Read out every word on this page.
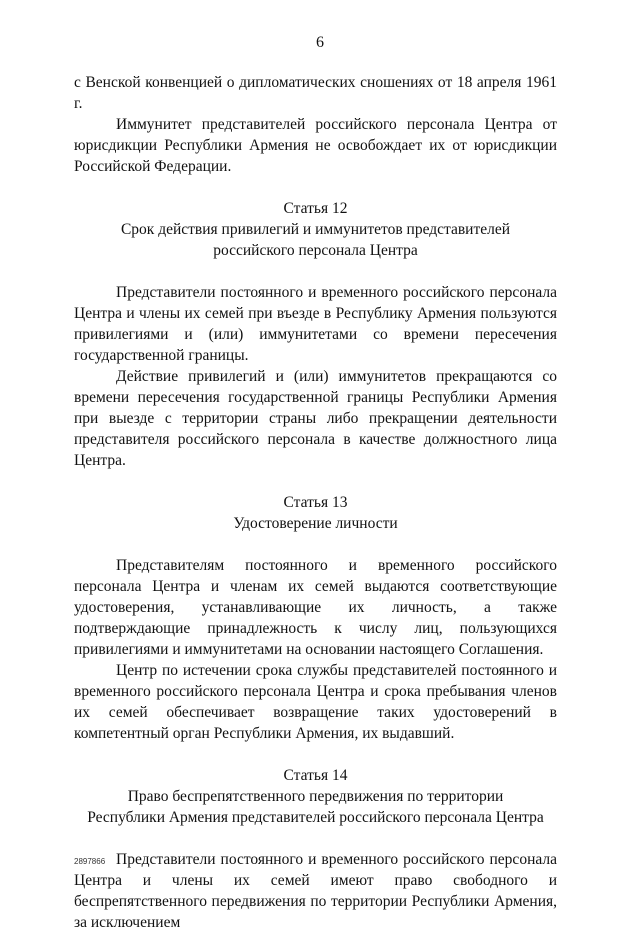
6

с Венской конвенцией о дипломатических сношениях от 18 апреля 1961 г.

Иммунитет представителей российского персонала Центра от юрисдикции Республики Армения не освобождает их от юрисдикции Российской Федерации.

Статья 12

Срок действия привилегий и иммунитетов представителей

российского персонала Центра

Представители постоянного и временного российского персонала Центра и члены их семей при въезде в Республику Армения пользуются привилегиями и (или) иммунитетами со времени пересечения государственной границы.

Действие привилегий и (или) иммунитетов прекращаются со времени пересечения государственной границы Республики Армения при выезде с территории страны либо прекращении деятельности представителя российского персонала в качестве должностного лица Центра.

Статья 13

Удостоверение личности

Представителям постоянного и временного российского персонала Центра и членам их семей выдаются соответствующие удостоверения, устанавливающие их личность, а также подтверждающие принадлежность к числу лиц, пользующихся привилегиями и иммунитетами на основании настоящего Соглашения.

Центр по истечении срока службы представителей постоянного и временного российского персонала Центра и срока пребывания членов их семей обеспечивает возвращение таких удостоверений в компетентный орган Республики Армения, их выдавший.

Статья 14

Право беспрепятственного передвижения по территории

Республики Армения представителей российского персонала Центра

Представители постоянного и временного российского персонала Центра и члены их семей имеют право свободного и беспрепятственного передвижения по территории Республики Армения, за исключением

2897866
